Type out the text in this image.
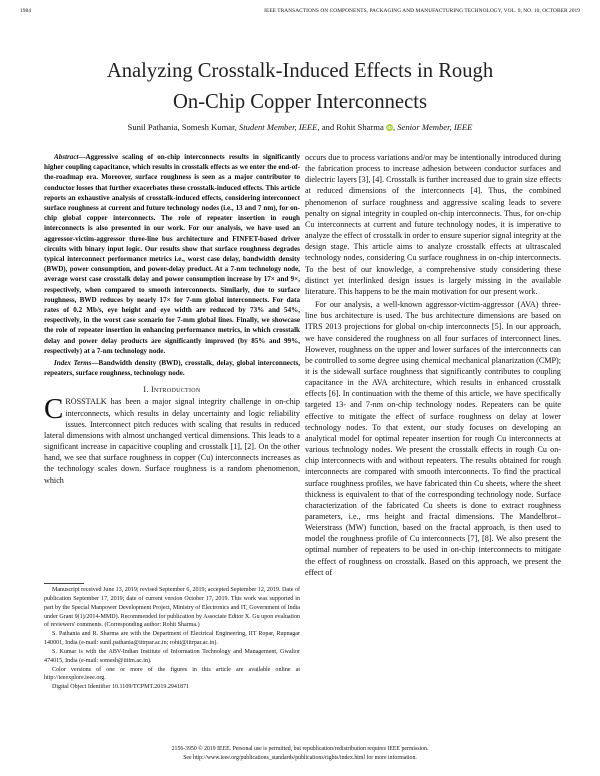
1984	IEEE TRANSACTIONS ON COMPONENTS, PACKAGING AND MANUFACTURING TECHNOLOGY, VOL. 9, NO. 10, OCTOBER 2019
Analyzing Crosstalk-Induced Effects in Rough
On-Chip Copper Interconnects
Sunil Pathania, Somesh Kumar, Student Member, IEEE, and Rohit Sharma iD, Senior Member, IEEE

Abstract—Aggressive scaling of on-chip interconnects results in significantly higher coupling capacitance, which results in crosstalk effects as we enter the end-of-the-roadmap era. Moreover, surface roughness is seen as a major contributor to conductor losses that further exacerbates these crosstalk-induced effects. This article reports an exhaustive analysis of crosstalk-induced effects, considering interconnect surface roughness at current and future technology nodes (i.e., 13 and 7 nm), for on-chip global copper interconnects. The role of repeater insertion in rough interconnects is also presented in our work. For our analysis, we have used an aggressor-victim-aggressor three-line bus architecture and FINFET-based driver circuits with binary input logic. Our results show that surface roughness degrades typical interconnect performance metrics i.e., worst case delay, bandwidth density (BWD), power consumption, and power-delay product. At a 7-nm technology node, average worst case crosstalk delay and power consumption increase by 17× and 9×, respectively, when compared to smooth interconnects. Similarly, due to surface roughness, BWD reduces by nearly 17× for 7-nm global interconnects. For data rates of 0.2 Mb/s, eye height and eye width are reduced by 73% and 54%, respectively, in the worst case scenario for 7-mm global lines. Finally, we showcase the role of repeater insertion in enhancing performance metrics, in which crosstalk delay and power delay products are significantly improved (by 85% and 99%, respectively) at a 7-nm technology node.

Index Terms—Bandwidth density (BWD), crosstalk, delay, global interconnects, repeaters, surface roughness, technology node.

I. Introduction

CROSSTALK has been a major signal integrity challenge in on-chip interconnects, which results in delay uncertainty and logic reliability issues. Interconnect pitch reduces with scaling that results in reduced lateral dimensions with almost unchanged vertical dimensions. This leads to a significant increase in capacitive coupling and crosstalk [1], [2]. On the other hand, we see that surface roughness in copper (Cu) interconnects increases as the technology scales down. Surface roughness is a random phenomenon, which

Manuscript received June 13, 2019; revised September 6, 2019; accepted September 12, 2019. Date of publication September 17, 2019; date of current version October 17, 2019. This work was supported in part by the Special Manpower Development Project, Ministry of Electronics and IT, Government of India under Grant 9(1)/2014-MMD). Recommended for publication by Associate Editor X. Gu upon evaluation of reviewers' comments. (Corresponding author: Rohit Sharma.)

S. Pathania and R. Sharma are with the Department of Electrical Engineering, IIT Ropar, Rupnagar 140001, India (e-mail: sunil.pathania@iitrpar.ac.in; rohit@iitrpar.ac.in).

S. Kumar is with the ABV-Indian Institute of Information Technology and Management, Gwalior 474015, India (e-mail: somesh@iiitm.ac.in).

Color versions of one or more of the figures in this article are available online at http://ieeexplore.ieee.org.

Digital Object Identifier 10.1109/TCPMT.2019.2941871

occurs due to process variations and/or may be intentionally introduced during the fabrication process to increase adhesion between conductor surfaces and dielectric layers [3], [4]. Crosstalk is further increased due to grain size effects at reduced dimensions of the interconnects [4]. Thus, the combined phenomenon of surface roughness and aggressive scaling leads to severe penalty on signal integrity in coupled on-chip interconnects. Thus, for on-chip Cu interconnects at current and future technology nodes, it is imperative to analyze the effect of crosstalk in order to ensure superior signal integrity at the design stage. This article aims to analyze crosstalk effects at ultrascaled technology nodes, considering Cu surface roughness in on-chip interconnects. To the best of our knowledge, a comprehensive study considering these distinct yet interlinked design issues is largely missing in the available literature. This happens to be the main motivation for our present work.

For our analysis, a well-known aggressor-victim-aggressor (AVA) three-line bus architecture is used. The bus architecture dimensions are based on ITRS 2013 projections for global on-chip interconnects [5]. In our approach, we have considered the roughness on all four surfaces of interconnect lines. However, roughness on the upper and lower surfaces of the interconnects can be controlled to some degree using chemical mechanical planarization (CMP); it is the sidewall surface roughness that significantly contributes to coupling capacitance in the AVA architecture, which results in enhanced crosstalk effects [6]. In continuation with the theme of this article, we have specifically targeted 13- and 7-nm on-chip technology nodes. Repeaters can be quite effective to mitigate the effect of surface roughness on delay at lower technology nodes. To that extent, our study focuses on developing an analytical model for optimal repeater insertion for rough Cu interconnects at various technology nodes. We present the crosstalk effects in rough Cu on-chip interconnects with and without repeaters. The results obtained for rough interconnects are compared with smooth interconnects. To find the practical surface roughness profiles, we have fabricated thin Cu sheets, where the sheet thickness is equivalent to that of the corresponding technology node. Surface characterization of the fabricated Cu sheets is done to extract roughness parameters, i.e., rms height and fractal dimensions. The Mandelbrot–Weierstrass (MW) function, based on the fractal approach, is then used to model the roughness profile of Cu interconnects [7], [8]. We also present the optimal number of repeaters to be used in on-chip interconnects to mitigate the effect of roughness on crosstalk. Based on this approach, we present the effect of

2156-3950 © 2019 IEEE. Personal use is permitted, but republication/redistribution requires IEEE permission.
See http://www.ieee.org/publications_standards/publications/rights/index.html for more information.
